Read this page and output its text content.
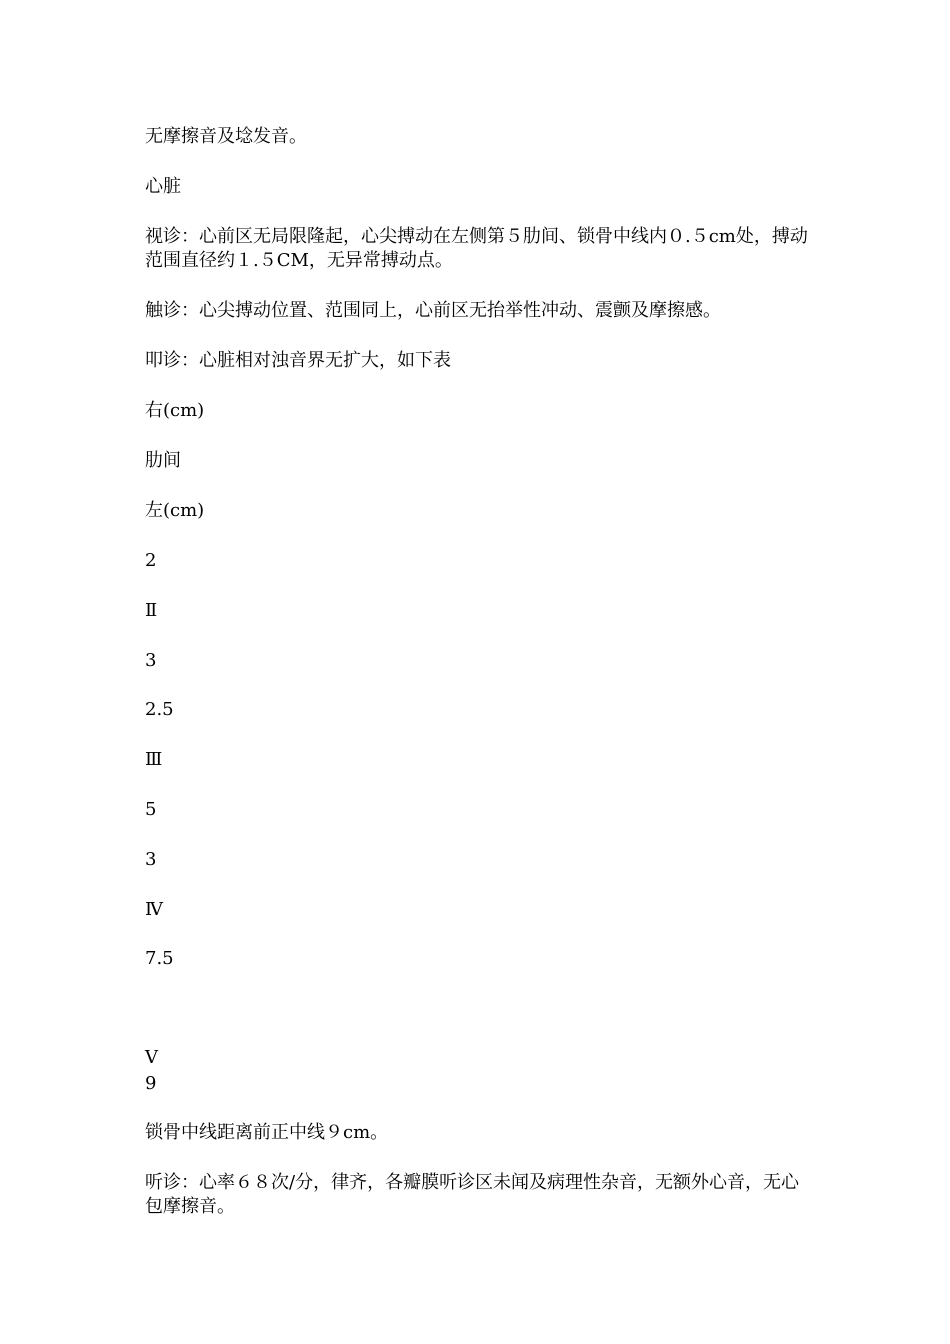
无摩擦音及埝发音。

心脏

视诊：心前区无局限隆起，心尖搏动在左侧第５肋间、锁骨中线内０.５cm处，搏动范围直径约１.５CM，无异常搏动点。

触诊：心尖搏动位置、范围同上，心前区无抬举性冲动、震颤及摩擦感。

叩诊：心脏相对浊音界无扩大，如下表

右(cm)

肋间

左(cm)

2

Ⅱ

3

2.5

Ⅲ

5

3

Ⅳ

7.5

Ⅴ

9

锁骨中线距离前正中线９cm。

听诊：心率６８次/分，律齐，各瓣膜听诊区未闻及病理性杂音，无额外心音，无心包摩擦音。
